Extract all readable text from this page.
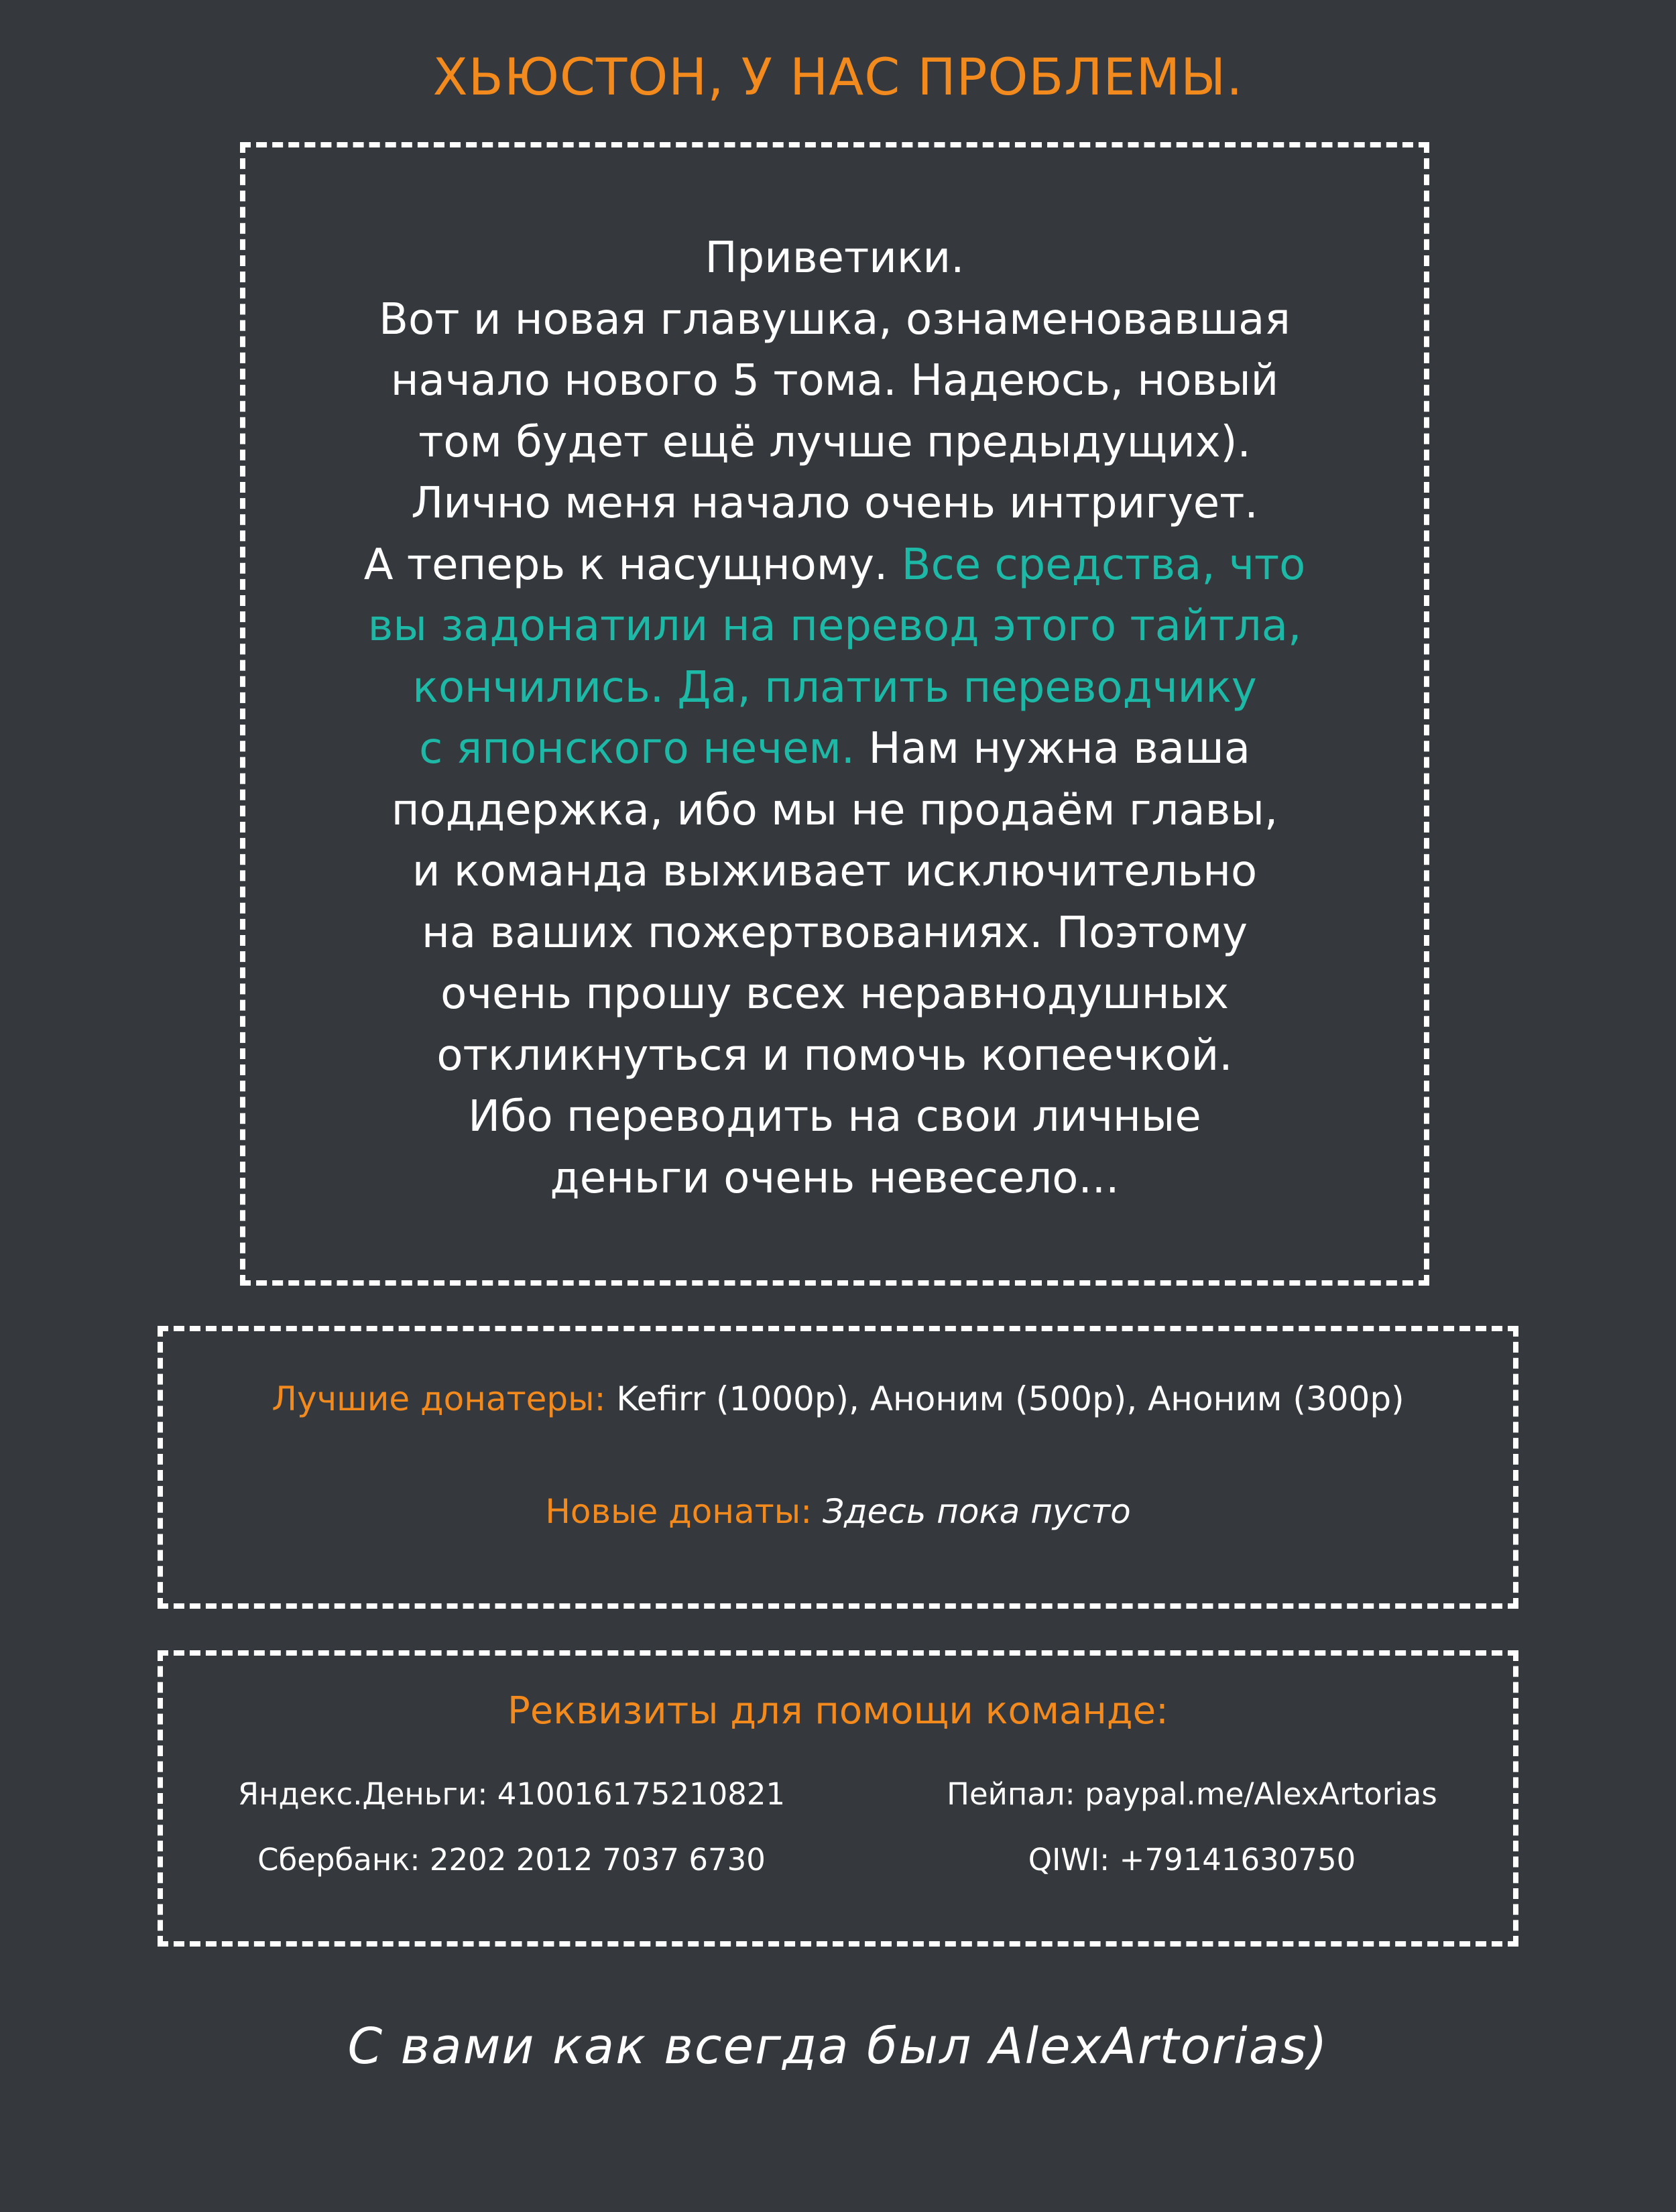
ХЬЮСТОН, У НАС ПРОБЛЕМЫ.
Приветики.
Вот и новая главушка, ознаменовавшая
начало нового 5 тома. Надеюсь, новый
том будет ещё лучше предыдущих).
Лично меня начало очень интригует.
А теперь к насущному. Все средства, что
вы задонатили на перевод этого тайтла,
кончились. Да, платить переводчику
с японского нечем. Нам нужна ваша
поддержка, ибо мы не продаём главы,
и команда выживает исключительно
на ваших пожертвованиях. Поэтому
очень прошу всех неравнодушных
откликнуться и помочь копеечкой.
Ибо переводить на свои личные
деньги очень невесело...
Лучшие донатеры: Kefirr (1000р), Аноним (500р), Аноним (300р)
Новые донаты: Здесь пока пусто
Реквизиты для помощи команде:
Яндекс.Деньги: 410016175210821
Сбербанк: 2202 2012 7037 6730
Пейпал: paypal.me/AlexArtorias
QIWI: +79141630750
С вами как всегда был AlexArtorias)
